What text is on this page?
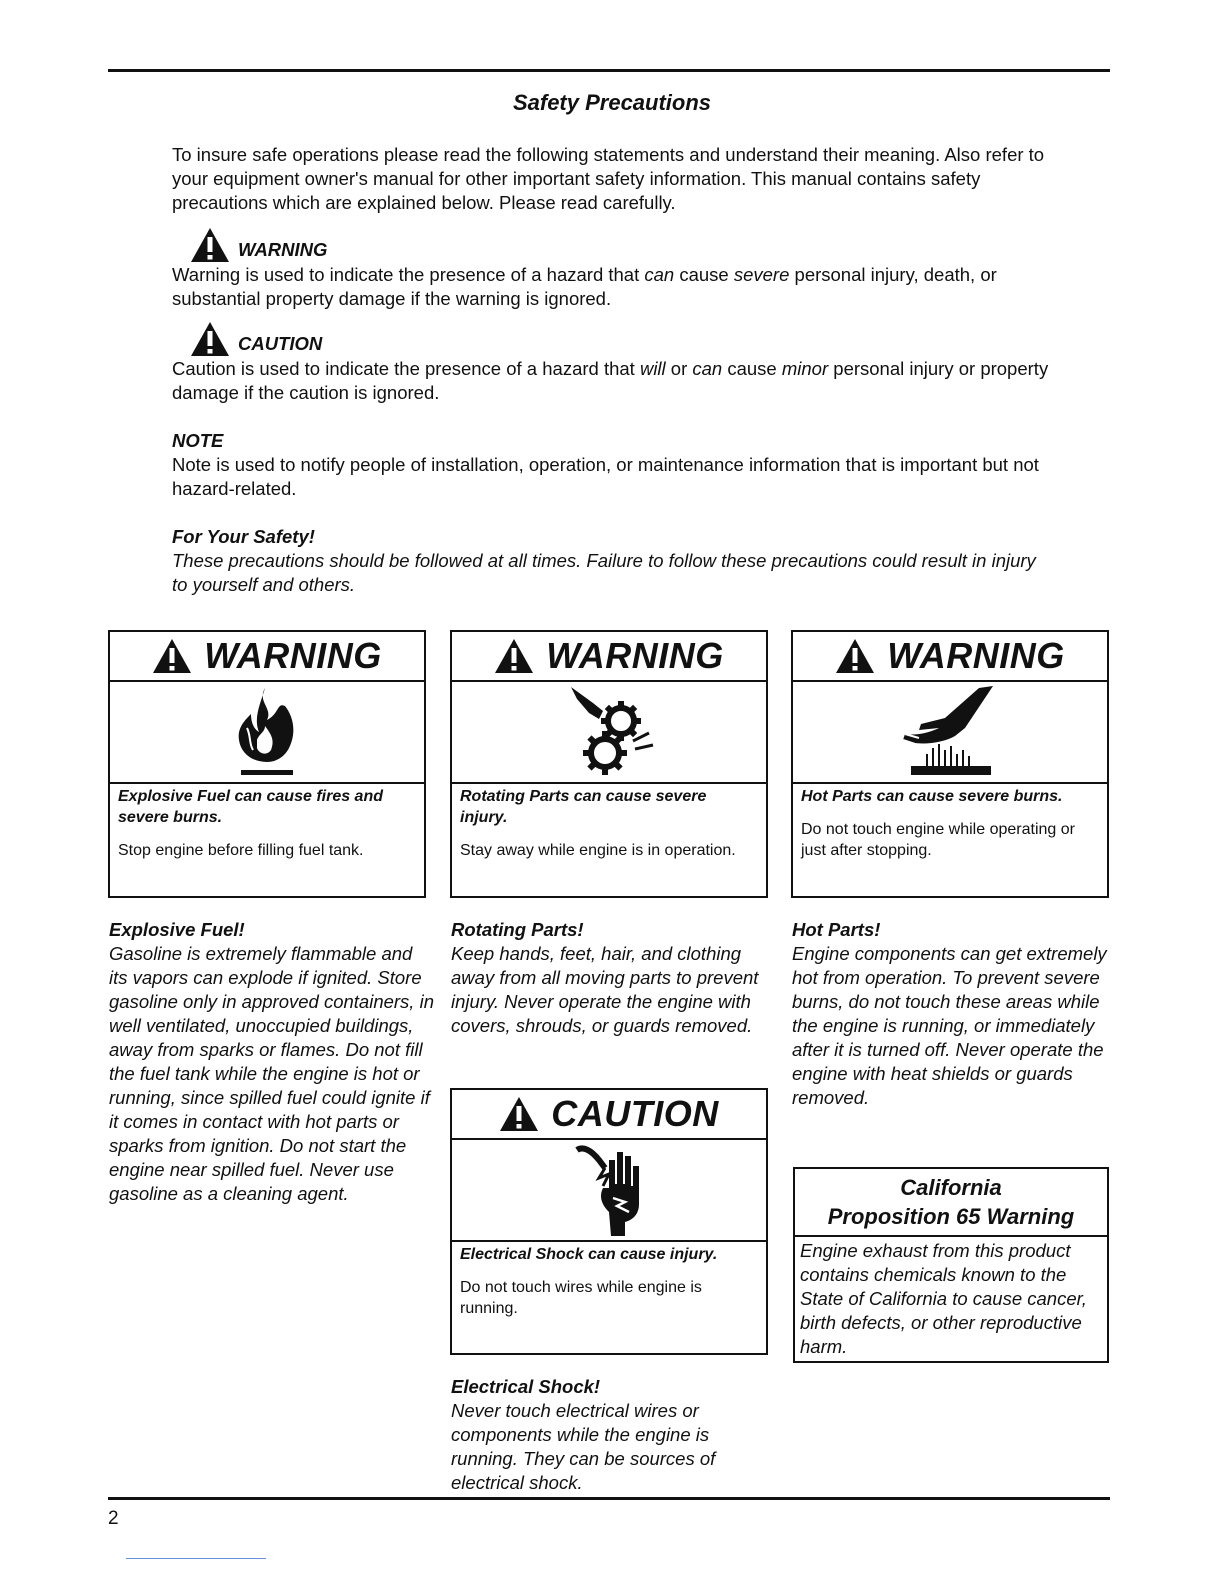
Safety Precautions

To insure safe operations please read the following statements and understand their meaning. Also refer to your equipment owner's manual for other important safety information. This manual contains safety precautions which are explained below. Please read carefully.

WARNING

Warning is used to indicate the presence of a hazard that can cause severe personal injury, death, or substantial property damage if the warning is ignored.

CAUTION

Caution is used to indicate the presence of a hazard that will or can cause minor personal injury or property damage if the caution is ignored.

NOTE

Note is used to notify people of installation, operation, or maintenance information that is important but not hazard-related.

For Your Safety!

These precautions should be followed at all times. Failure to follow these precautions could result in injury to yourself and others.

WARNING

Explosive Fuel can cause fires and severe burns.

Stop engine before filling fuel tank.

WARNING

Rotating Parts can cause severe injury.

Stay away while engine is in operation.

WARNING

Hot Parts can cause severe burns.

Do not touch engine while operating or just after stopping.

Explosive Fuel!

Gasoline is extremely flammable and its vapors can explode if ignited. Store gasoline only in approved containers, in well ventilated, unoccupied buildings, away from sparks or flames. Do not fill the fuel tank while the engine is hot or running, since spilled fuel could ignite if it comes in contact with hot parts or sparks from ignition. Do not start the engine near spilled fuel. Never use gasoline as a cleaning agent.

Rotating Parts!

Keep hands, feet, hair, and clothing away from all moving parts to prevent injury. Never operate the engine with covers, shrouds, or guards removed.

Hot Parts!

Engine components can get extremely hot from operation. To prevent severe burns, do not touch these areas while the engine is running, or immediately after it is turned off. Never operate the engine with heat shields or guards removed.

CAUTION

Electrical Shock can cause injury.

Do not touch wires while engine is running.

California
Proposition 65 Warning
Engine exhaust from this product contains chemicals known to the State of California to cause cancer, birth defects, or other reproductive harm.

Electrical Shock!

Never touch electrical wires or components while the engine is running. They can be sources of electrical shock.

2
